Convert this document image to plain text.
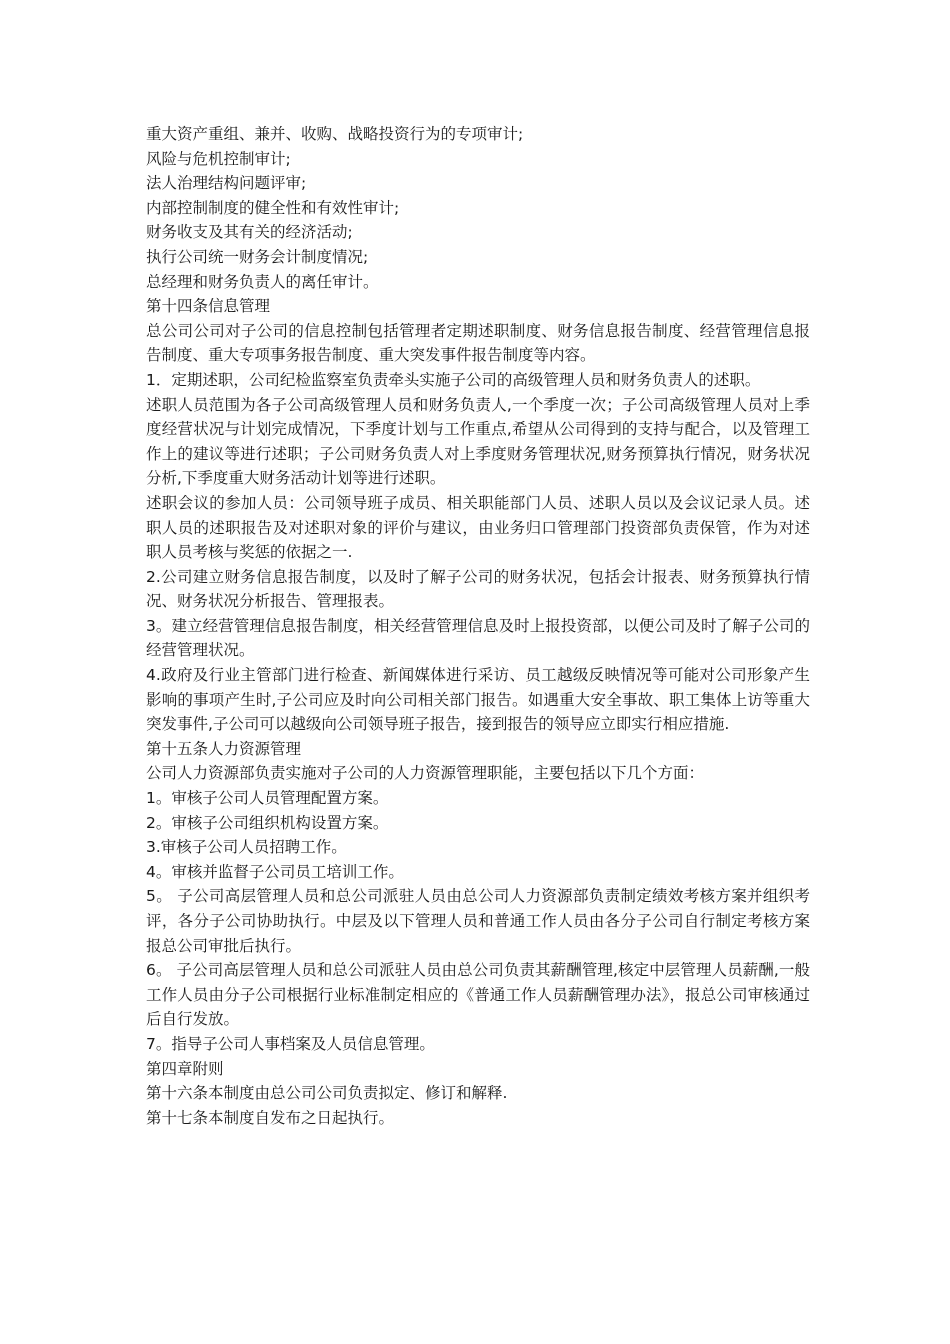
重大资产重组、兼并、收购、战略投资行为的专项审计;

风险与危机控制审计;

法人治理结构问题评审;

内部控制制度的健全性和有效性审计;

财务收支及其有关的经济活动;

执行公司统一财务会计制度情况;

总经理和财务负责人的离任审计。

第十四条信息管理

总公司公司对子公司的信息控制包括管理者定期述职制度、财务信息报告制度、经营管理信息报告制度、重大专项事务报告制度、重大突发事件报告制度等内容。

1．定期述职，公司纪检监察室负责牵头实施子公司的高级管理人员和财务负责人的述职。

述职人员范围为各子公司高级管理人员和财务负责人,一个季度一次；子公司高级管理人员对上季度经营状况与计划完成情况，下季度计划与工作重点,希望从公司得到的支持与配合，以及管理工作上的建议等进行述职；子公司财务负责人对上季度财务管理状况,财务预算执行情况，财务状况分析,下季度重大财务活动计划等进行述职。

述职会议的参加人员：公司领导班子成员、相关职能部门人员、述职人员以及会议记录人员。述职人员的述职报告及对述职对象的评价与建议，由业务归口管理部门投资部负责保管，作为对述职人员考核与奖惩的依据之一.

2.公司建立财务信息报告制度，以及时了解子公司的财务状况，包括会计报表、财务预算执行情况、财务状况分析报告、管理报表。

3。建立经营管理信息报告制度，相关经营管理信息及时上报投资部，以便公司及时了解子公司的经营管理状况。

4.政府及行业主管部门进行检查、新闻媒体进行采访、员工越级反映情况等可能对公司形象产生影响的事项产生时,子公司应及时向公司相关部门报告。如遇重大安全事故、职工集体上访等重大突发事件,子公司可以越级向公司领导班子报告，接到报告的领导应立即实行相应措施.

第十五条人力资源管理

公司人力资源部负责实施对子公司的人力资源管理职能，主要包括以下几个方面：

1。审核子公司人员管理配置方案。

2。审核子公司组织机构设置方案。

3.审核子公司人员招聘工作。

4。审核并监督子公司员工培训工作。

5。 子公司高层管理人员和总公司派驻人员由总公司人力资源部负责制定绩效考核方案并组织考评，各分子公司协助执行。中层及以下管理人员和普通工作人员由各分子公司自行制定考核方案报总公司审批后执行。

6。 子公司高层管理人员和总公司派驻人员由总公司负责其薪酬管理,核定中层管理人员薪酬,一般工作人员由分子公司根据行业标准制定相应的《普通工作人员薪酬管理办法》，报总公司审核通过后自行发放。

7。指导子公司人事档案及人员信息管理。

第四章附则

第十六条本制度由总公司公司负责拟定、修订和解释.

第十七条本制度自发布之日起执行。
